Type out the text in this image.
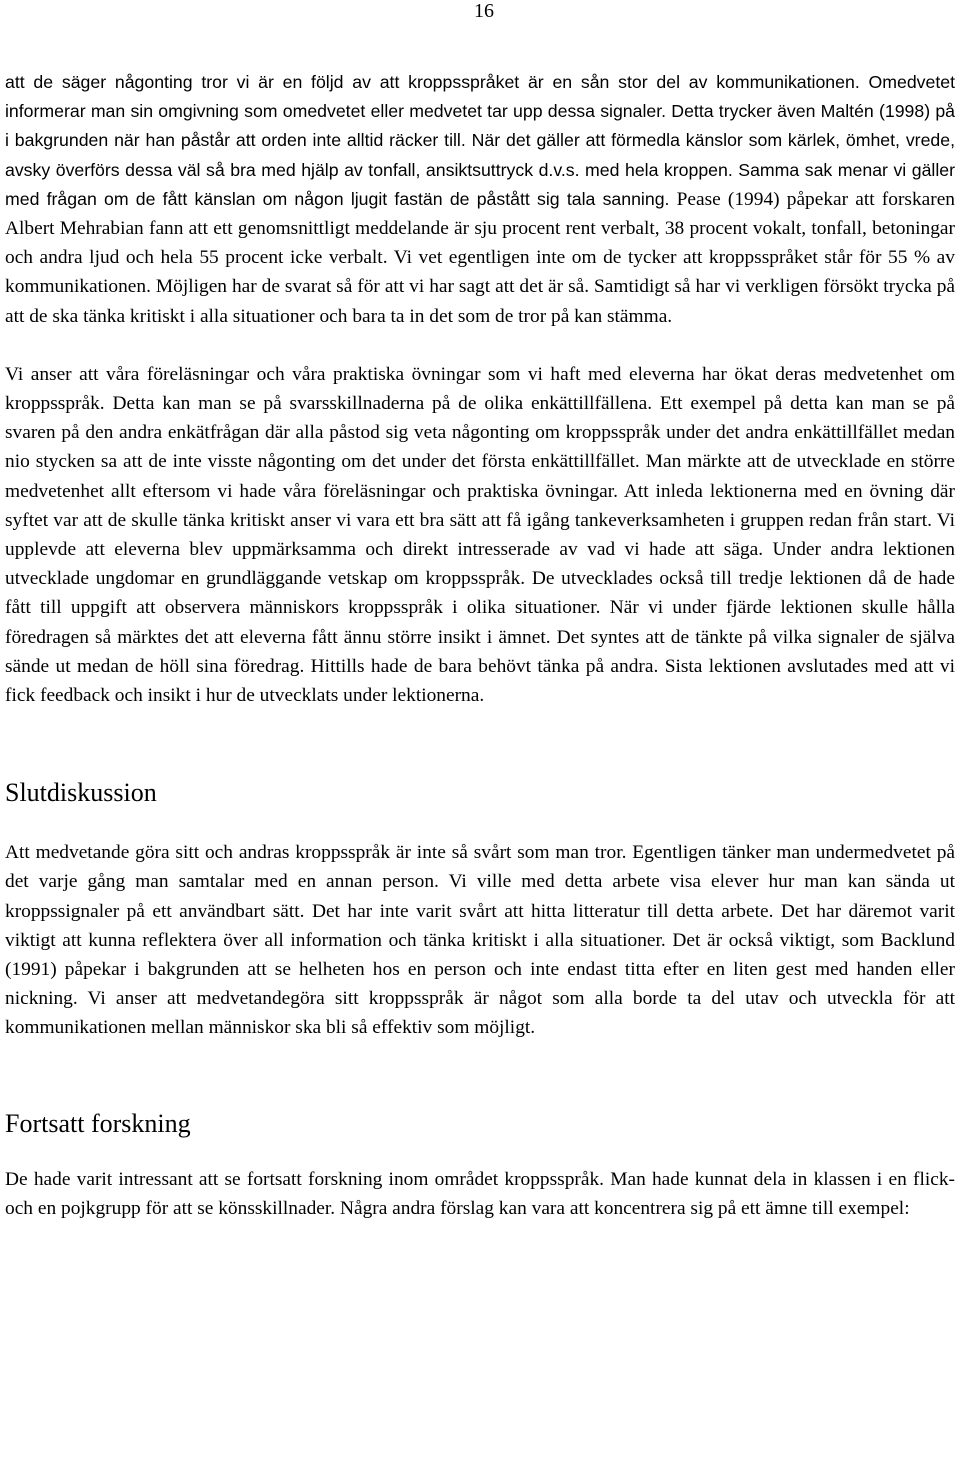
16

att de säger någonting tror vi är en följd av att kroppsspråket är en sån stor del av kommunikationen. Omedvetet informerar man sin omgivning som omedvetet eller medvetet tar upp dessa signaler. Detta trycker även Maltén (1998) på i bakgrunden när han påstår att orden inte alltid räcker till. När det gäller att förmedla känslor som kärlek, ömhet, vrede, avsky överförs dessa väl så bra med hjälp av tonfall, ansiktsuttryck d.v.s. med hela kroppen. Samma sak menar vi gäller med frågan om de fått känslan om någon ljugit fastän de påstått sig tala sanning. Pease (1994) påpekar att forskaren Albert Mehrabian fann att ett genomsnittligt meddelande är sju procent rent verbalt, 38 procent vokalt, tonfall, betoningar och andra ljud och hela 55 procent icke verbalt. Vi vet egentligen inte om de tycker att kroppsspråket står för 55 % av kommunikationen. Möjligen har de svarat så för att vi har sagt att det är så. Samtidigt så har vi verkligen försökt trycka på att de ska tänka kritiskt i alla situationer och bara ta in det som de tror på kan stämma.

Vi anser att våra föreläsningar och våra praktiska övningar som vi haft med eleverna har ökat deras medvetenhet om kroppsspråk. Detta kan man se på svarsskillnaderna på de olika enkättillfällena. Ett exempel på detta kan man se på svaren på den andra enkätfrågan där alla påstod sig veta någonting om kroppsspråk under det andra enkättillfället medan nio stycken sa att de inte visste någonting om det under det första enkättillfället. Man märkte att de utvecklade en större medvetenhet allt eftersom vi hade våra föreläsningar och praktiska övningar. Att inleda lektionerna med en övning där syftet var att de skulle tänka kritiskt anser vi vara ett bra sätt att få igång tankeverksamheten i gruppen redan från start. Vi upplevde att eleverna blev uppmärksamma och direkt intresserade av vad vi hade att säga. Under andra lektionen utvecklade ungdomar en grundläggande vetskap om kroppsspråk. De utvecklades också till tredje lektionen då de hade fått till uppgift att observera människors kroppsspråk i olika situationer. När vi under fjärde lektionen skulle hålla föredragen så märktes det att eleverna fått ännu större insikt i ämnet. Det syntes att de tänkte på vilka signaler de själva sände ut medan de höll sina föredrag. Hittills hade de bara behövt tänka på andra. Sista lektionen avslutades med att vi fick feedback och insikt i hur de utvecklats under lektionerna.

Slutdiskussion

Att medvetande göra sitt och andras kroppsspråk är inte så svårt som man tror. Egentligen tänker man undermedvetet på det varje gång man samtalar med en annan person. Vi ville med detta arbete visa elever hur man kan sända ut kroppssignaler på ett användbart sätt. Det har inte varit svårt att hitta litteratur till detta arbete. Det har däremot varit viktigt att kunna reflektera över all information och tänka kritiskt i alla situationer. Det är också viktigt, som Backlund (1991) påpekar i bakgrunden att se helheten hos en person och inte endast titta efter en liten gest med handen eller nickning. Vi anser att medvetandegöra sitt kroppsspråk är något som alla borde ta del utav och utveckla för att kommunikationen mellan människor ska bli så effektiv som möjligt.

Fortsatt forskning

De hade varit intressant att se fortsatt forskning inom området kroppsspråk. Man hade kunnat dela in klassen i en flick- och en pojkgrupp för att se könsskillnader. Några andra förslag kan vara att koncentrera sig på ett ämne till exempel:
